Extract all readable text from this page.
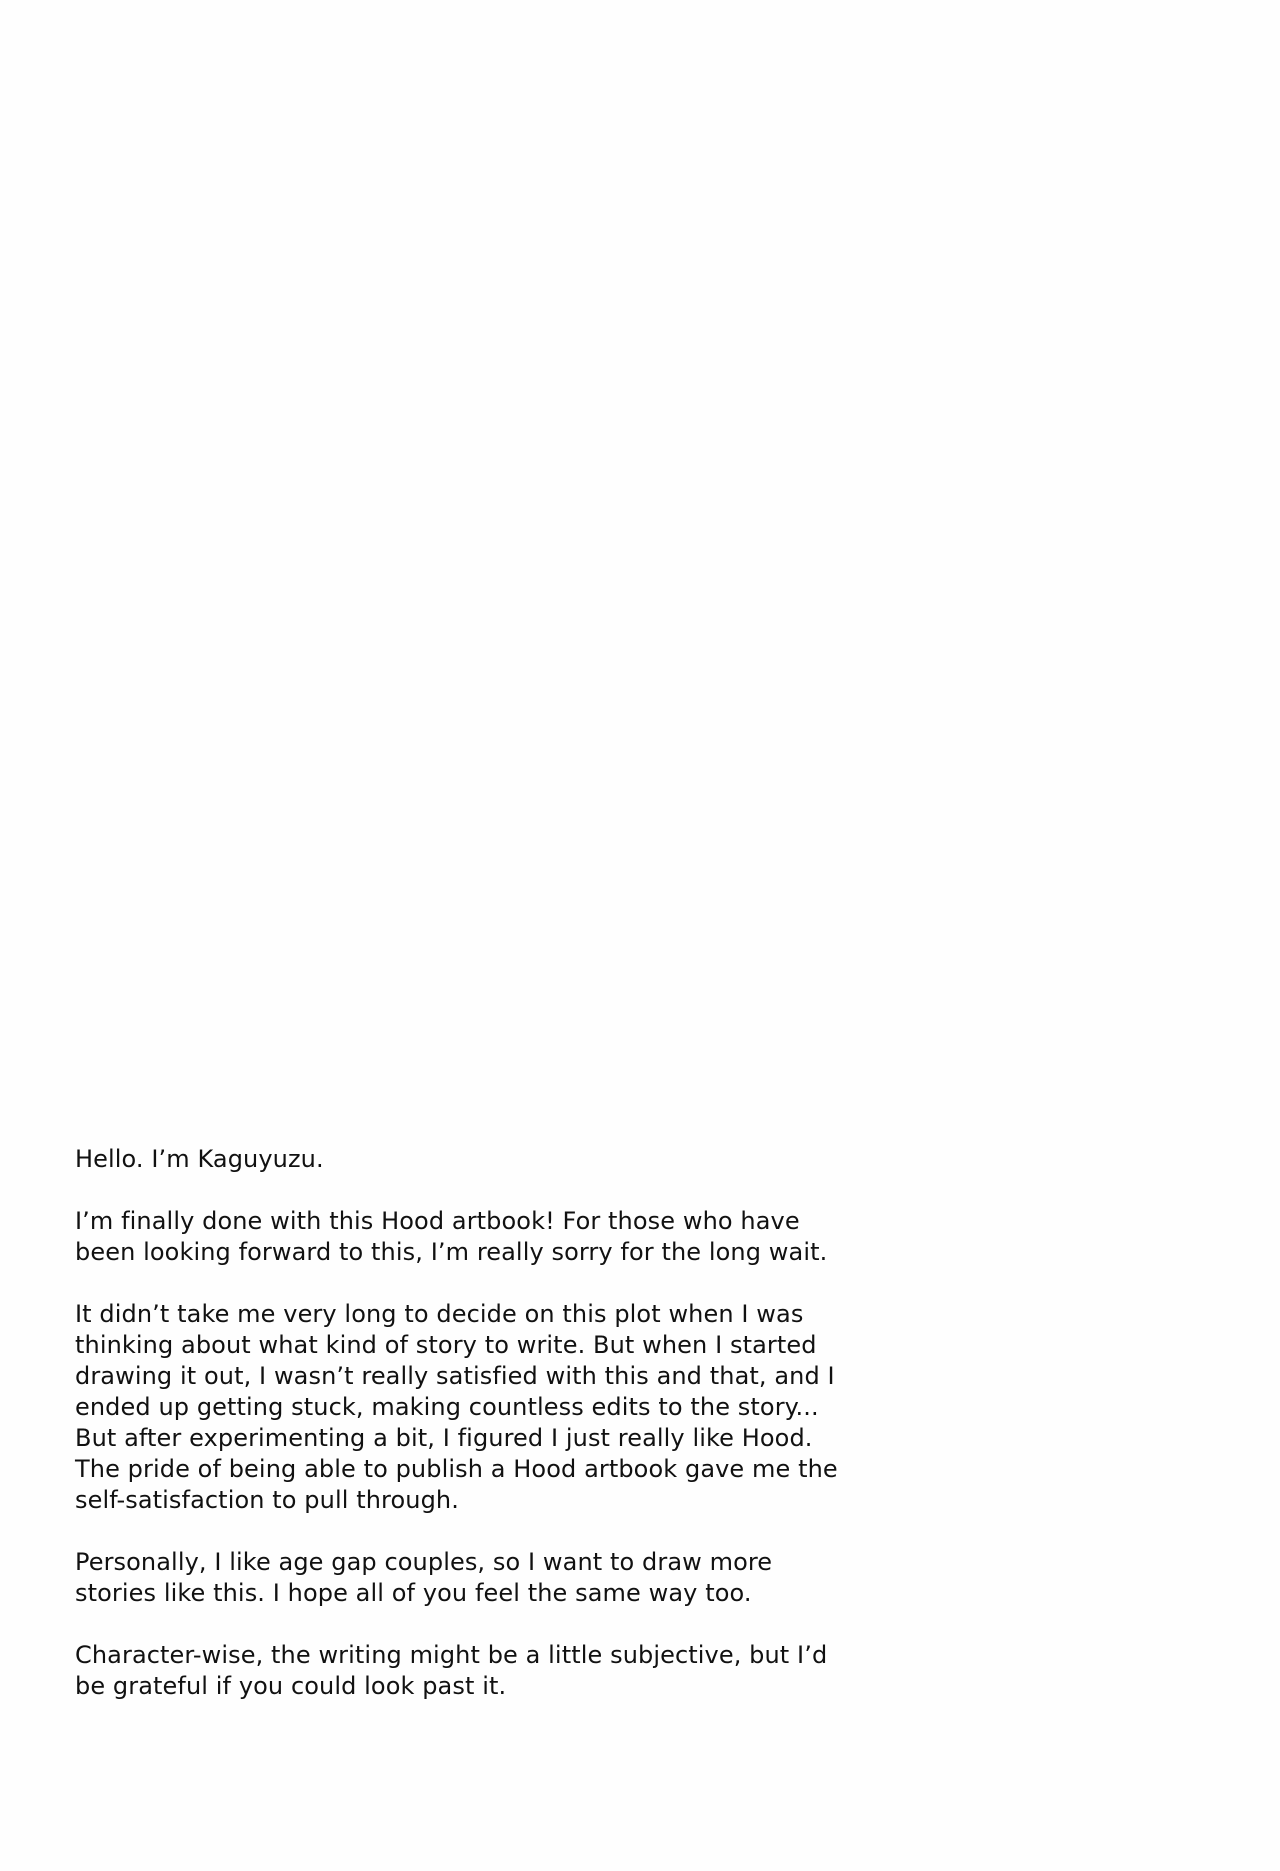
Hello. I’m Kaguyuzu.

I’m finally done with this Hood artbook! For those who have
been looking forward to this, I’m really sorry for the long wait.

It didn’t take me very long to decide on this plot when I was
thinking about what kind of story to write. But when I started
drawing it out, I wasn’t really satisfied with this and that, and I
ended up getting stuck, making countless edits to the story...
But after experimenting a bit, I figured I just really like Hood.
The pride of being able to publish a Hood artbook gave me the
self-satisfaction to pull through.

Personally, I like age gap couples, so I want to draw more
stories like this. I hope all of you feel the same way too.

Character-wise, the writing might be a little subjective, but I’d
be grateful if you could look past it.
